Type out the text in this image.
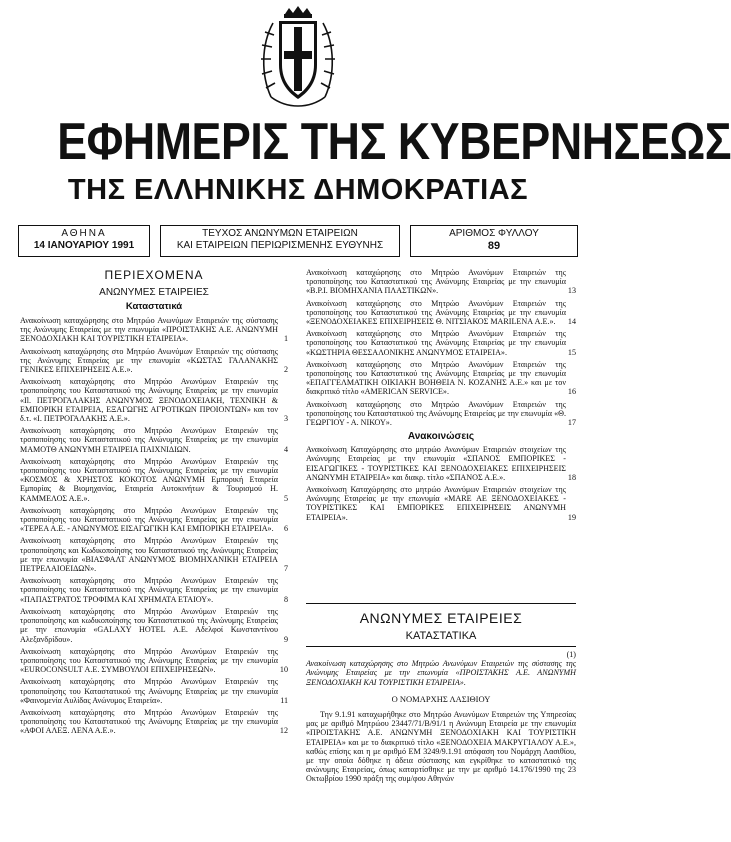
ΕΦΗΜΕΡΙΣ ΤΗΣ ΚΥΒΕΡΝΗΣΕΩΣ
ΤΗΣ ΕΛΛΗΝΙΚΗΣ ΔΗΜΟΚΡΑΤΙΑΣ
ΑΘΗΝΑ
14 ΙΑΝΟΥΑΡΙΟΥ 1991
ΤΕΥΧΟΣ ΑΝΩΝΥΜΩΝ ΕΤΑΙΡΕΙΩΝ
ΚΑΙ ΕΤΑΙΡΕΙΩΝ ΠΕΡΙΩΡΙΣΜΕΝΗΣ ΕΥΘΥΝΗΣ
ΑΡΙΘΜΟΣ ΦΥΛΛΟΥ
89
ΠΕΡΙΕΧΟΜΕΝΑ
ΑΝΩΝΥΜΕΣ ΕΤΑΙΡΕΙΕΣ
Καταστατικά
Ανακοίνωση καταχώρησης στο Μητρώο Ανωνύμων Εταιρειών της σύστασης της Ανώνυμης Εταιρείας με την επωνυμία «ΠΡΟΙΣΤΑΚΗΣ Α.Ε. ΑΝΩΝΥΜΗ ΞΕΝΟΔΟΧΙΑΚΗ ΚΑΙ ΤΟΥΡΙΣΤΙΚΗ ΕΤΑΙΡΕΙΑ».	1
Ανακοίνωση καταχώρησης στο Μητρώο Ανωνύμων Εταιρειών της σύστασης της Ανώνυμης Εταιρείας με την επωνυμία «ΚΩΣΤΑΣ ΓΑΛΑΝΑΚΗΣ ΓΕΝΙΚΕΣ ΕΠΙΧΕΙΡΗΣΕΙΣ Α.Ε.».	2
Ανακοίνωση καταχώρησης στο Μητρώο Ανωνύμων Εταιρειών της τροποποίησης του Καταστατικού της Ανώνυμης Εταιρείας με την επωνυμία «Ιl. ΠΕΤΡΟΓΑΛΑΚΗΣ ΑΝΩΝΥΜΟΣ ΞΕΝΟΔΟΧΕΙΑΚΗ, ΤΕΧΝΙΚΗ & ΕΜΠΟΡΙΚΗ ΕΤΑΙΡΕΙΑ, ΕΞΑΓΩΓΗΣ ΑΓΡΟΤΙΚΩΝ ΠΡΟΙΟΝΤΩΝ» και τον δ.τ. «Ι. ΠΕΤΡΟΓΑΛΑΚΗΣ Α.Ε.».	3
Ανακοίνωση καταχώρησης στο Μητρώο Ανωνύμων Εταιρειών της τροποποίησης του Καταστατικού της Ανώνυμης Εταιρείας με την επωνυμία ΜΑΜΟΤΘ ΑΝΩΝΥΜΗ ΕΤΑΙΡΕΙΑ ΠΑΙΧΝΙΔΙΩΝ.	4
Ανακοίνωση καταχώρησης στο Μητρώο Ανωνύμων Εταιρειών της τροποποίησης του Καταστατικού της Ανώνυμης Εταιρείας με την επωνυμία «ΚΟΣΜΟΣ & ΧΡΗΣΤΟΣ ΚΟΚΟΤΟΣ ΑΝΩΝΥΜΗ Εμπορική Εταιρεία Εμπορίας & Βιομηχανίας, Εταιρεία Αυτοκινήτων & Τουρισμού Η. ΚΑΜΜΕΛΟΣ Α.Ε.».	5
Ανακοίνωση καταχώρησης στο Μητρώο Ανωνύμων Εταιρειών της τροποποίησης του Καταστατικού της Ανώνυμης Εταιρείας με την επωνυμία «ΤΕΡΕΑ Α.Ε. - ΑΝΩΝΥΜΟΣ ΕΙΣΑΓΩΓΙΚΗ ΚΑΙ ΕΜΠΟΡΙΚΗ ΕΤΑΙΡΕΙΑ». 6
Ανακοίνωση καταχώρησης στο Μητρώο Ανωνύμων Εταιρειών της τροποποίησης και Κωδικοποίησης του Καταστατικού της Ανώνυμης Εταιρείας με την επωνυμία «ΒΙΑΣΦΑΛΤ ΑΝΩΝΥΜΟΣ ΒΙΟΜΗΧΑΝΙΚΗ ΕΤΑΙΡΕΙΑ ΠΕΤΡΕΛΑΙΟΕΙΔΩΝ».	7
Ανακοίνωση καταχώρησης στο Μητρώο Ανωνύμων Εταιρειών της τροποποίησης του Καταστατικού της Ανώνυμης Εταιρείας με την επωνυμία «ΠΑΠΑΣΤΡΑΤΟΣ ΤΡΟΦΙΜΑ ΚΑΙ ΧΡΗΜΑΤΑ ΕΤΑΙΟΥ».	8
Ανακοίνωση καταχώρησης στο Μητρώο Ανωνύμων Εταιρειών της τροποποίησης και κωδικοποίησης του Καταστατικού της Ανώνυμης Εταιρείας με την επωνυμία «GALAXY HOTEL Α.Ε. Αδελφοί Κωνσταντίνου Αλεξανδρίδου».	9
Ανακοίνωση καταχώρησης στο Μητρώο Ανωνύμων Εταιρειών της τροποποίησης του Καταστατικού της Ανώνυμης Εταιρείας με την επωνυμία «EUROCONSULT Α.Ε. ΣΥΜΒΟΥΛΟΙ ΕΠΙΧΕΙΡΗΣΕΩΝ».	10
Ανακοίνωση καταχώρησης στο Μητρώο Ανωνύμων Εταιρειών της τροποποίησης του Καταστατικού της Ανώνυμης Εταιρείας με την επωνυμία «Φαινομενία Αυλίδας Ανώνυμος Εταιρεία».	11
Ανακοίνωση καταχώρησης στο Μητρώο Ανωνύμων Εταιρειών της τροποποίησης του Καταστατικού της Ανώνυμης Εταιρείας με την επωνυμία «ΑΦΟΙ ΑΛΕΞ. ΛΕΝΑ Α.Ε.».	12
Ανακοίνωση καταχώρησης στο Μητρώο Ανωνύμων Εταιρειών της τροποποίησης του Καταστατικού της Ανώνυμης Εταιρείας με την επωνυμία «Β.Ρ.Ι. ΒΙΟΜΗΧΑΝΙΑ ΠΛΑΣΤΙΚΩΝ».	13
Ανακοίνωση καταχώρησης στο Μητρώο Ανωνύμων Εταιρειών της τροποποίησης του Καταστατικού της Ανώνυμης Εταιρείας με την επωνυμία «ΞΕΝΟΔΟΧΕΙΑΚΕΣ ΕΠΙΧΕΙΡΗΣΕΙΣ Θ. ΝΙΤΣΙΑΚΟΣ MARILENA Α.Ε.». 14
Ανακοίνωση καταχώρησης στο Μητρώο Ανωνύμων Εταιρειών της τροποποίησης του Καταστατικού της Ανώνυμης Εταιρείας με την επωνυμία «ΚΩΣΤΗΡΙΑ ΘΕΣΣΑΛΟΝΙΚΗΣ ΑΝΩΝΥΜΟΣ ΕΤΑΙΡΕΙΑ».	15
Ανακοίνωση καταχώρησης στο Μητρώο Ανωνύμων Εταιρειών της τροποποίησης του Καταστατικού της Ανώνυμης Εταιρείας με την επωνυμία «ΕΠΑΓΓΕΛΜΑΤΙΚΗ ΟΙΚΙΑΚΗ ΒΟΗΘΕΙΑ Ν. ΚΟΖΑΝΗΣ Α.Ε.» και με τον διακριτικό τίτλο «AMERICAN SERVICE».	16
Ανακοίνωση καταχώρησης στο Μητρώο Ανωνύμων Εταιρειών της τροποποίησης του Καταστατικού της Ανώνυμης Εταιρείας με την επωνυμία «Θ. ΓΕΩΡΓΙΟΥ - Α. ΝΙΚΟΥ».	17
Ανακοινώσεις
Ανακοίνωση Καταχώρησης στο μητρώο Ανωνύμων Εταιρειών στοιχείων της Ανώνυμης Εταιρείας με την επωνυμία «ΣΠΑΝΟΣ ΕΜΠΟΡΙΚΕΣ - ΕΙΣΑΓΩΓΙΚΕΣ - ΤΟΥΡΙΣΤΙΚΕΣ ΚΑΙ ΞΕΝΟΔΟΧΕΙΑΚΕΣ ΕΠΙΧΕΙΡΗΣΕΙΣ ΑΝΩΝΥΜΗ ΕΤΑΙΡΕΙΑ» και διακρ. τίτλο «ΣΠΑΝΟΣ Α.Ε.».	18
Ανακοίνωση Καταχώρησης στο μητρώο Ανωνύμων Εταιρειών στοιχείων της Ανώνυμης Εταιρείας με την επωνυμία «MARE ΑΕ ΞΕΝΟΔΟΧΕΙΑΚΕΣ - ΤΟΥΡΙΣΤΙΚΕΣ ΚΑΙ ΕΜΠΟΡΙΚΕΣ ΕΠΙΧΕΙΡΗΣΕΙΣ ΑΝΩΝΥΜΗ ΕΤΑΙΡΕΙΑ».	19
ΑΝΩΝΥΜΕΣ ΕΤΑΙΡΕΙΕΣ
ΚΑΤΑΣΤΑΤΙΚΑ
(1)
Ανακοίνωση καταχώρησης στο Μητρώο Ανωνύμων Εταιρειών της σύστασης της Ανώνυμης Εταιρείας με την επωνυμία «ΠΡΟΙΣΤΑΚΗΣ Α.Ε. ΑΝΩΝΥΜΗ ΞΕΝΟΔΟΧΙΑΚΗ ΚΑΙ ΤΟΥΡΙΣΤΙΚΗ ΕΤΑΙΡΕΙΑ».
Ο ΝΟΜΑΡΧΗΣ ΛΑΣΙΘΙΟΥ
Την 9.1.91 καταχωρήθηκε στο Μητρώο Ανωνύμων Εταιρειών της Υπηρεσίας μας με αριθμό Μητρώου 23447/71/Β/91/1 η Ανώνυμη Εταιρεία με την επωνυμία «ΠΡΟΙΣΤΑΚΗΣ Α.Ε. ΑΝΩΝΥΜΗ ΞΕΝΟΔΟΧΙΑΚΗ ΚΑΙ ΤΟΥΡΙΣΤΙΚΗ ΕΤΑΙΡΕΙΑ» και με το διακριτικό τίτλο «ΞΕΝΟΔΟΧΕΙΑ ΜΑΚΡΥΓΙΑΛΟΥ Α.Ε.», καθώς επίσης και η με αριθμό ΕΜ 3249/9.1.91 απόφαση του Νομάρχη Λασιθίου, με την οποία δόθηκε η άδεια σύστασης και εγκρίθηκε το καταστατικό της ανώνυμης Εταιρείας, όπως καταρτίσθηκε με την με αριθμό 14.176/1990 της 23 Οκτωβρίου 1990 πράξη της συμ/φου Αθηνών
